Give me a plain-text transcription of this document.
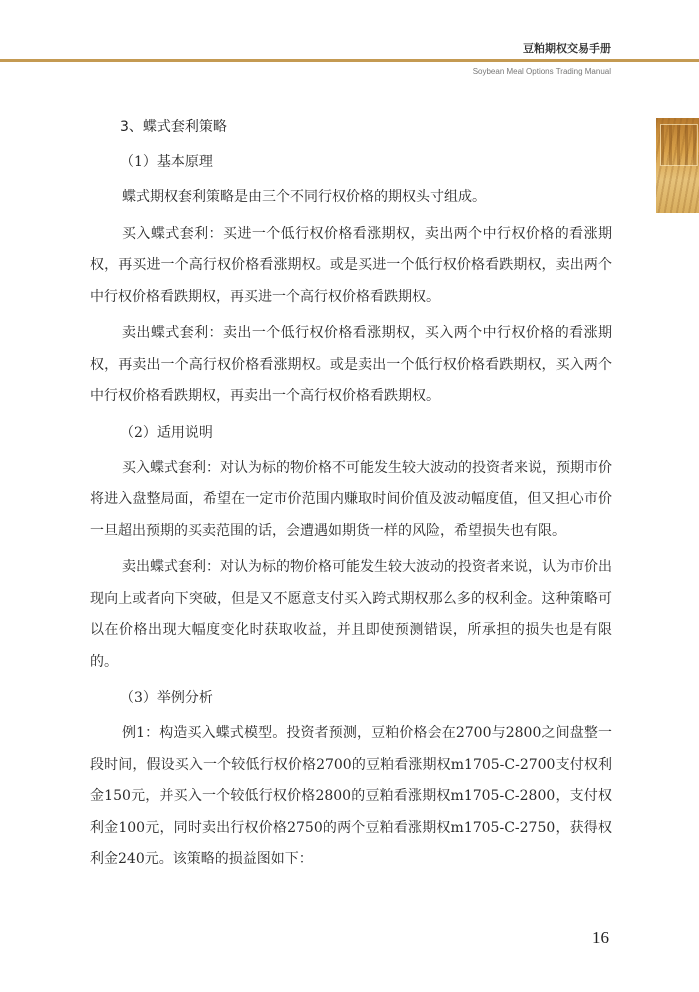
豆粕期权交易手册
Soybean Meal Options Trading Manual
3、蝶式套利策略
（1）基本原理

蝶式期权套利策略是由三个不同行权价格的期权头寸组成。

买入蝶式套利：买进一个低行权价格看涨期权，卖出两个中行权价格的看涨期权，再买进一个高行权价格看涨期权。或是买进一个低行权价格看跌期权，卖出两个中行权价格看跌期权，再买进一个高行权价格看跌期权。

卖出蝶式套利：卖出一个低行权价格看涨期权，买入两个中行权价格的看涨期权，再卖出一个高行权价格看涨期权。或是卖出一个低行权价格看跌期权，买入两个中行权价格看跌期权，再卖出一个高行权价格看跌期权。

（2）适用说明

买入蝶式套利：对认为标的物价格不可能发生较大波动的投资者来说，预期市价将进入盘整局面，希望在一定市价范围内赚取时间价值及波动幅度值，但又担心市价一旦超出预期的买卖范围的话，会遭遇如期货一样的风险，希望损失也有限。

卖出蝶式套利：对认为标的物价格可能发生较大波动的投资者来说，认为市价出现向上或者向下突破，但是又不愿意支付买入跨式期权那么多的权利金。这种策略可以在价格出现大幅度变化时获取收益，并且即使预测错误，所承担的损失也是有限的。

（3）举例分析

例1：构造买入蝶式模型。投资者预测，豆粕价格会在2700与2800之间盘整一段时间，假设买入一个较低行权价格2700的豆粕看涨期权m1705-C-2700支付权利金150元，并买入一个较低行权价格2800的豆粕看涨期权m1705-C-2800，支付权利金100元，同时卖出行权价格2750的两个豆粕看涨期权m1705-C-2750，获得权利金240元。该策略的损益图如下：

16
